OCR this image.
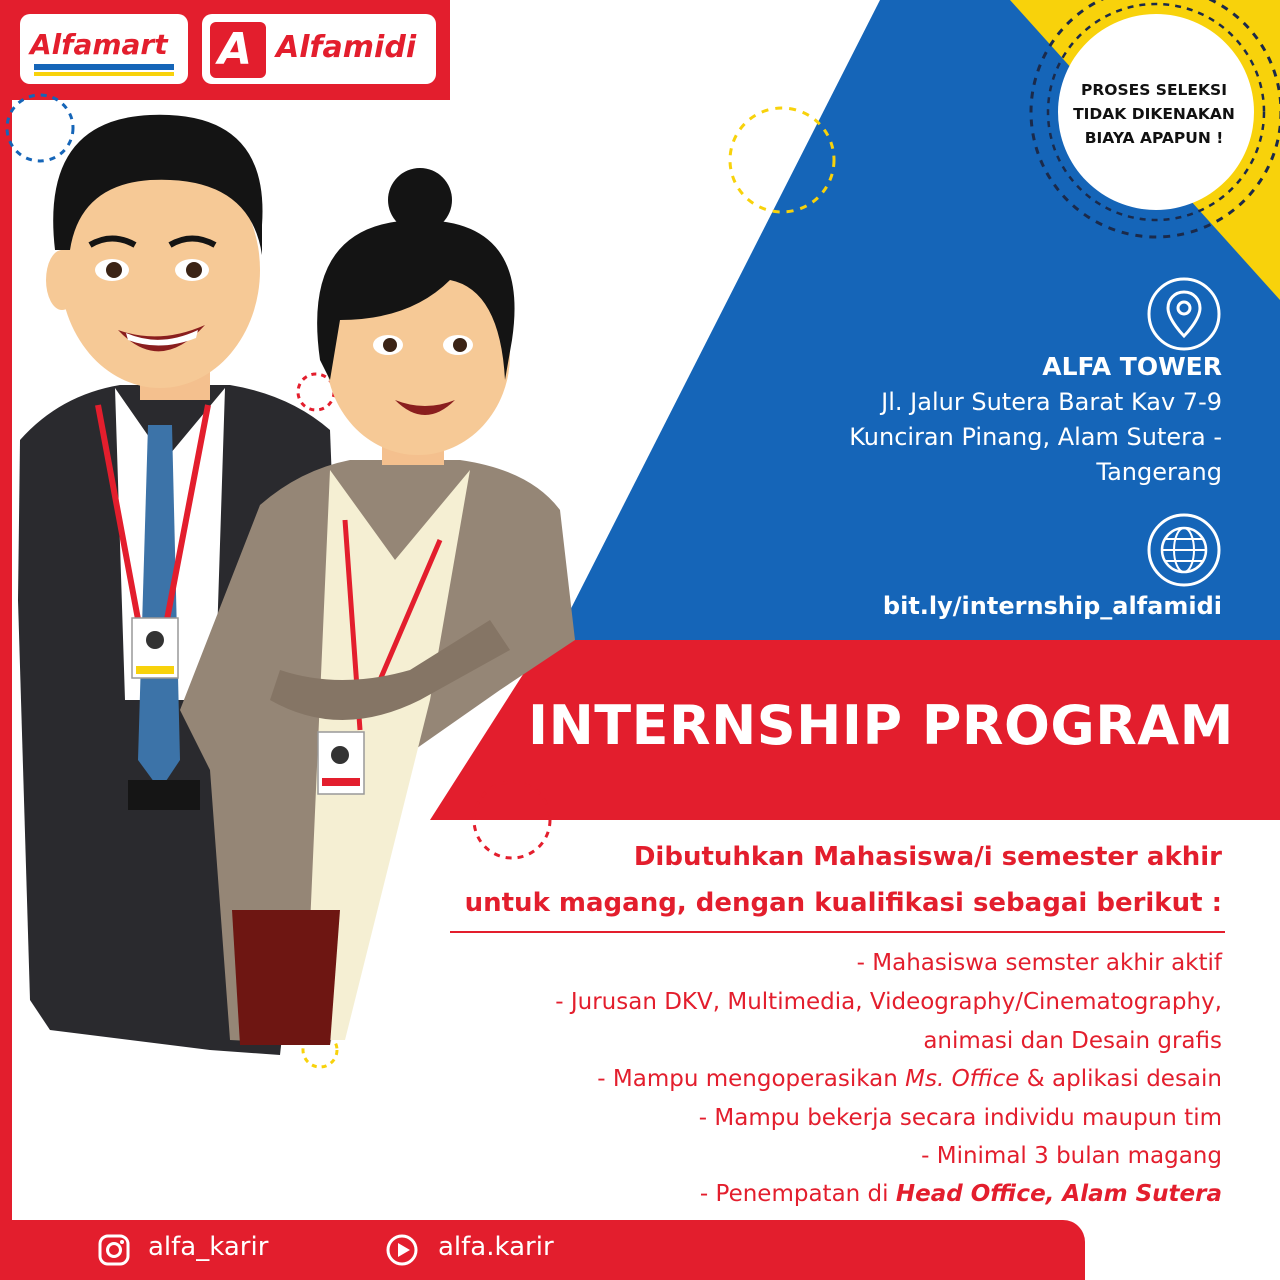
Alfamart A Alfamidi
PROSES SELEKSI
TIDAK DIKENAKAN
BIAYA APAPUN !
ALFA TOWER
Jl. Jalur Sutera Barat Kav 7-9
Kunciran Pinang, Alam Sutera -
Tangerang
bit.ly/internship_alfamidi
INTERNSHIP PROGRAM
Dibutuhkan Mahasiswa/i semester akhir
untuk magang, dengan kualifikasi sebagai berikut :
- Mahasiswa semster akhir aktif
- Jurusan DKV, Multimedia, Videography/Cinematography,
animasi dan Desain grafis
- Mampu mengoperasikan Ms. Office & aplikasi desain
- Mampu bekerja secara individu maupun tim
- Minimal 3 bulan magang
- Penempatan di Head Office, Alam Sutera
alfa_karir	alfa.karir
